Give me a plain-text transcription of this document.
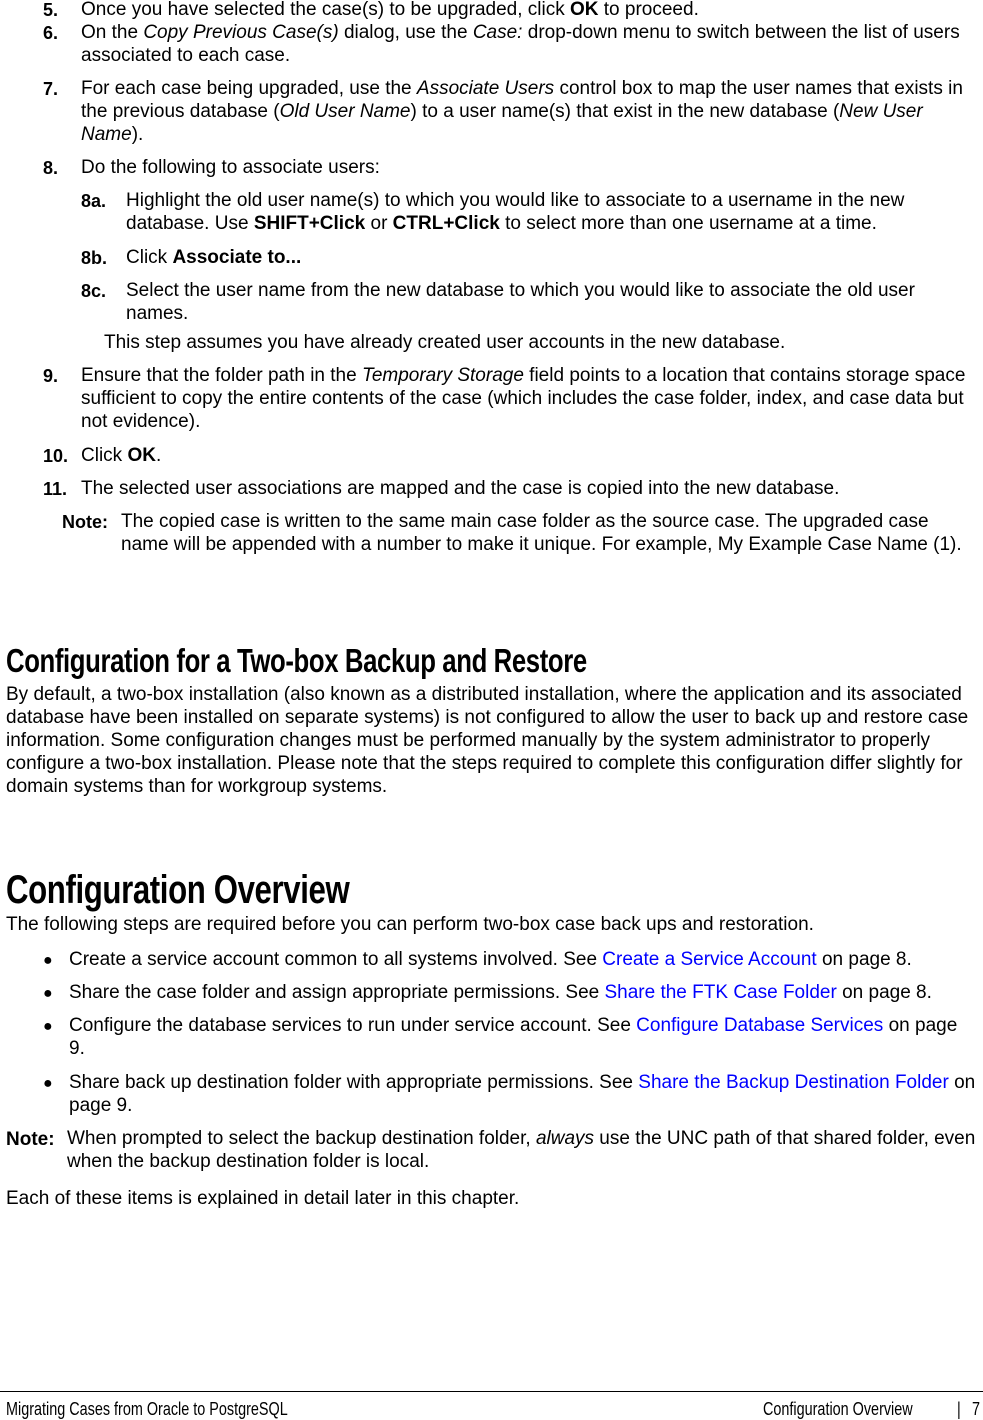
5. Once you have selected the case(s) to be upgraded, click OK to proceed.
6. On the Copy Previous Case(s) dialog, use the Case: drop-down menu to switch between the list of users associated to each case.
7. For each case being upgraded, use the Associate Users control box to map the user names that exists in the previous database (Old User Name) to a user name(s) that exist in the new database (New User Name).
8. Do the following to associate users:
8a. Highlight the old user name(s) to which you would like to associate to a username in the new database. Use SHIFT+Click or CTRL+Click to select more than one username at a time.
8b. Click Associate to...
8c. Select the user name from the new database to which you would like to associate the old user names.
This step assumes you have already created user accounts in the new database.
9. Ensure that the folder path in the Temporary Storage field points to a location that contains storage space sufficient to copy the entire contents of the case (which includes the case folder, index, and case data but not evidence).
10. Click OK.
11. The selected user associations are mapped and the case is copied into the new database.
Note: The copied case is written to the same main case folder as the source case. The upgraded case name will be appended with a number to make it unique. For example, My Example Case Name (1).
Configuration for a Two-box Backup and Restore
By default, a two-box installation (also known as a distributed installation, where the application and its associated database have been installed on separate systems) is not configured to allow the user to back up and restore case information. Some configuration changes must be performed manually by the system administrator to properly configure a two-box installation. Please note that the steps required to complete this configuration differ slightly for domain systems than for workgroup systems.
Configuration Overview
The following steps are required before you can perform two-box case back ups and restoration.
● Create a service account common to all systems involved. See Create a Service Account on page 8.
● Share the case folder and assign appropriate permissions. See Share the FTK Case Folder on page 8.
● Configure the database services to run under service account. See Configure Database Services on page 9.
● Share back up destination folder with appropriate permissions. See Share the Backup Destination Folder on page 9.
Note: When prompted to select the backup destination folder, always use the UNC path of that shared folder, even when the backup destination folder is local.
Each of these items is explained in detail later in this chapter.
Migrating Cases from Oracle to PostgreSQL	Configuration Overview | 7
